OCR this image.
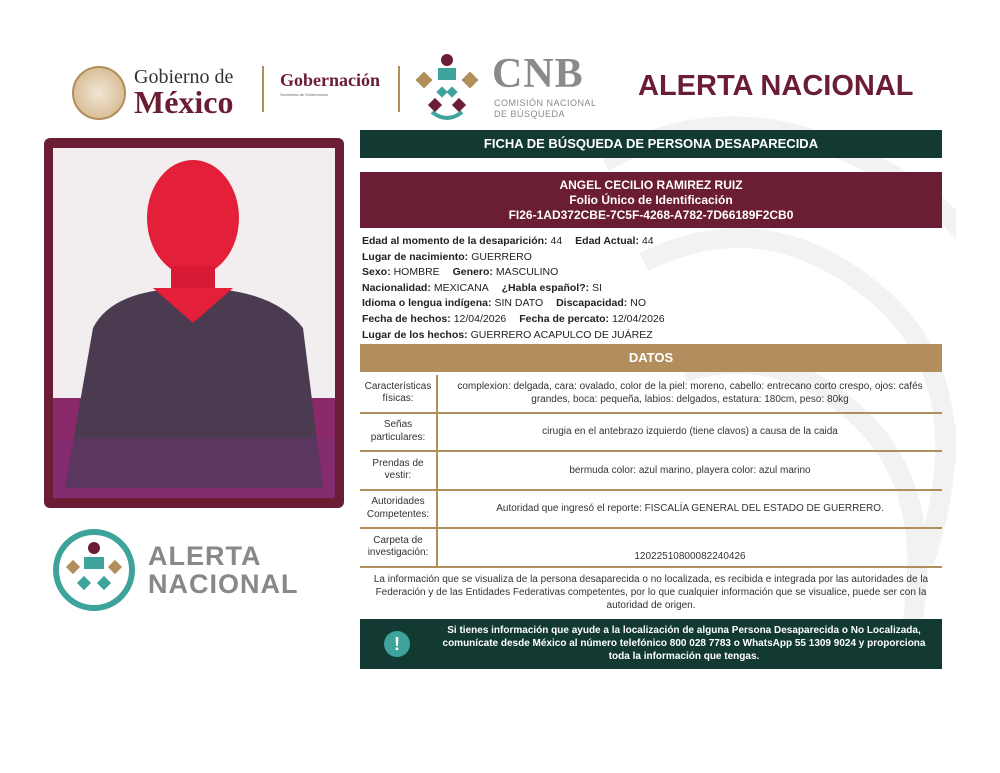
Gobierno de
México
Gobernación
Secretaría de Gobernación	CNB
COMISIÓN NACIONAL
DE BÚSQUEDA
ALERTA NACIONAL
ALERTA
NACIONAL
FICHA DE BÚSQUEDA DE PERSONA DESAPARECIDA
ANGEL CECILIO RAMIREZ RUIZ
Folio Único de Identificación
FI26-1AD372CBE-7C5F-4268-A782-7D66189F2CB0
Edad al momento de la desaparición: 44 Edad Actual: 44
Lugar de nacimiento: GUERRERO
Sexo: HOMBRE Genero: MASCULINO
Nacionalidad: MEXICANA ¿Habla español?: SI
Idioma o lengua indígena: SIN DATO Discapacidad: NO
Fecha de hechos: 12/04/2026 Fecha de percato: 12/04/2026
Lugar de los hechos: GUERRERO ACAPULCO DE JUÁREZ
DATOS
Características físicas:
complexion: delgada, cara: ovalado, color de la piel: moreno, cabello: entrecano corto crespo, ojos: cafés grandes, boca: pequeña, labios: delgados, estatura: 180cm, peso: 80kg
Señas particulares:	cirugia en el antebrazo izquierdo (tiene clavos) a causa de la caida
Prendas de vestir:	bermuda color: azul marino, playera color: azul marino
Autoridades Competentes:	Autoridad que ingresó el reporte: FISCALÍA GENERAL DEL ESTADO DE GUERRERO.
Carpeta de investigación:	12022510800082240426
La información que se visualiza de la persona desaparecida o no localizada, es recibida e integrada por las autoridades de la Federación y de las Entidades Federativas competentes, por lo que cualquier información que se visualice, puede ser con la autoridad de origen.
!
Si tienes información que ayude a la localización de alguna Persona Desaparecida o No Localizada, comunícate desde México al número telefónico 800 028 7783 o WhatsApp 55 1309 9024 y proporciona toda la información que tengas.
